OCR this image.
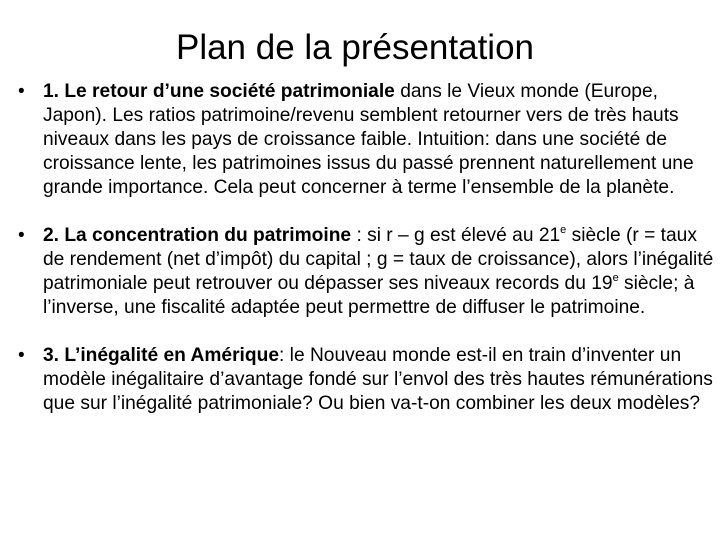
Plan de la présentation
• 1. Le retour d’une société patrimoniale dans le Vieux monde (Europe, Japon). Les ratios patrimoine/revenu semblent retourner vers de très hauts niveaux dans les pays de croissance faible. Intuition: dans une société de croissance lente, les patrimoines issus du passé prennent naturellement une grande importance. Cela peut concerner à terme l’ensemble de la planète.
• 2. La concentration du patrimoine : si r – g est élevé au 21e siècle (r = taux de rendement (net d’impôt) du capital ; g = taux de croissance), alors l’inégalité patrimoniale peut retrouver ou dépasser ses niveaux records du 19e siècle; à l’inverse, une fiscalité adaptée peut permettre de diffuser le patrimoine.
• 3. L’inégalité en Amérique: le Nouveau monde est-il en train d’inventer un modèle inégalitaire d’avantage fondé sur l’envol des très hautes rémunérations que sur l’inégalité patrimoniale? Ou bien va-t-on combiner les deux modèles?
